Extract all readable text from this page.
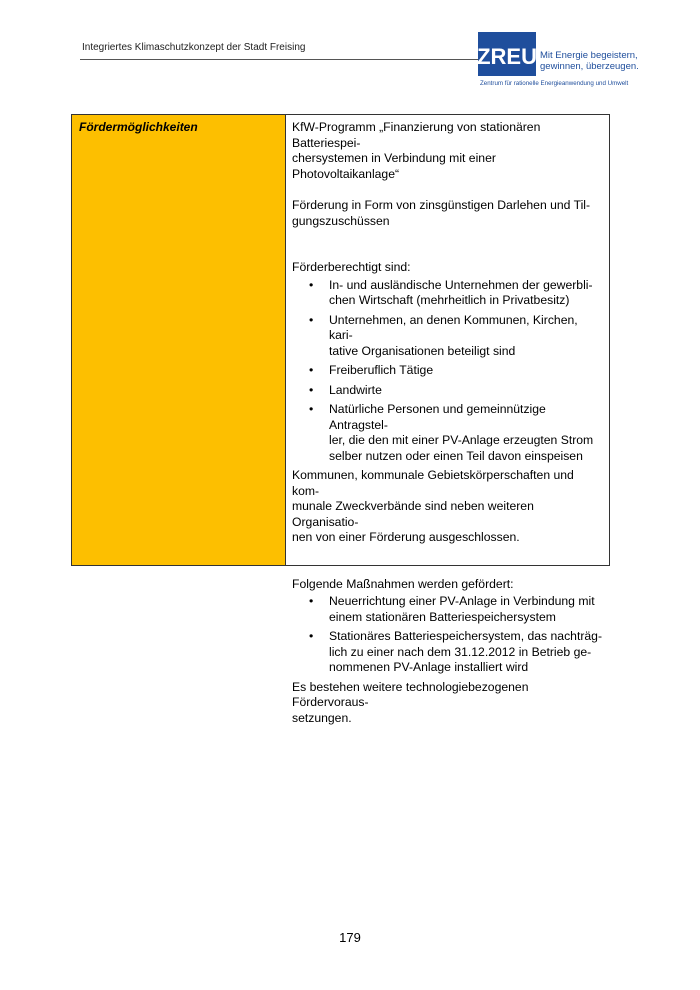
Integriertes Klimaschutzkonzept der Stadt Freising	ZREU Mit Energie begeistern,
gewinnen, überzeugen.
Zentrum für rationelle Energieanwendung und Umwelt
Fördermöglichkeiten	KfW-Programm „Finanzierung von stationären Batteriespei-
chersystemen in Verbindung mit einer Photovoltaikanlage“

Förderung in Form von zinsgünstigen Darlehen und Til-
gungszuschüssen

Förderberechtigt sind:

• In- und ausländische Unternehmen der gewerbli-
chen Wirtschaft (mehrheitlich in Privatbesitz)
• Unternehmen, an denen Kommunen, Kirchen, kari-
tative Organisationen beteiligt sind
• Freiberuflich Tätige
• Landwirte
• Natürliche Personen und gemeinnützige Antragstel-
ler, die den mit einer PV-Anlage erzeugten Strom
selber nutzen oder einen Teil davon einspeisen

Kommunen, kommunale Gebietskörperschaften und kom-
munale Zweckverbände sind neben weiteren Organisatio-
nen von einer Förderung ausgeschlossen.

Folgende Maßnahmen werden gefördert:

• Neuerrichtung einer PV-Anlage in Verbindung mit
einem stationären Batteriespeichersystem
• Stationäres Batteriespeichersystem, das nachträg-
lich zu einer nach dem 31.12.2012 in Betrieb ge-
nommenen PV-Anlage installiert wird

Es bestehen weitere technologiebezogenen Fördervoraus-
setzungen.

179
